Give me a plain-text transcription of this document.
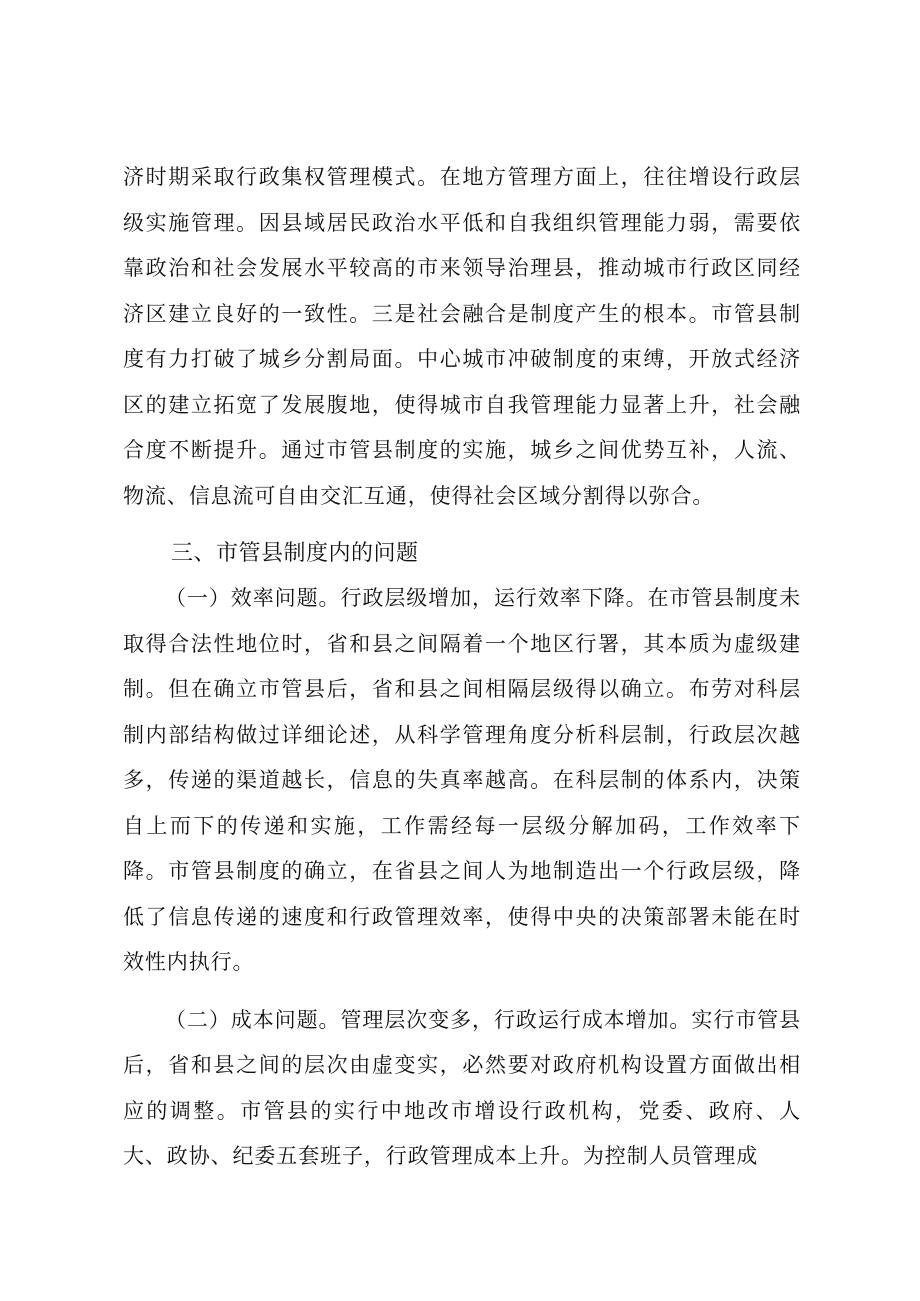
济时期采取行政集权管理模式。在地方管理方面上，往往增设行政层级实施管理。因县域居民政治水平低和自我组织管理能力弱，需要依靠政治和社会发展水平较高的市来领导治理县，推动城市行政区同经济区建立良好的一致性。三是社会融合是制度产生的根本。市管县制度有力打破了城乡分割局面。中心城市冲破制度的束缚，开放式经济区的建立拓宽了发展腹地，使得城市自我管理能力显著上升，社会融合度不断提升。通过市管县制度的实施，城乡之间优势互补，人流、物流、信息流可自由交汇互通，使得社会区域分割得以弥合。

三、市管县制度内的问题

（一）效率问题。行政层级增加，运行效率下降。在市管县制度未取得合法性地位时，省和县之间隔着一个地区行署，其本质为虚级建制。但在确立市管县后，省和县之间相隔层级得以确立。布劳对科层制内部结构做过详细论述，从科学管理角度分析科层制，行政层次越多，传递的渠道越长，信息的失真率越高。在科层制的体系内，决策自上而下的传递和实施，工作需经每一层级分解加码，工作效率下降。市管县制度的确立，在省县之间人为地制造出一个行政层级，降低了信息传递的速度和行政管理效率，使得中央的决策部署未能在时效性内执行。

（二）成本问题。管理层次变多，行政运行成本增加。实行市管县后，省和县之间的层次由虚变实，必然要对政府机构设置方面做出相应的调整。市管县的实行中地改市增设行政机构，党委、政府、人大、政协、纪委五套班子，行政管理成本上升。为控制人员管理成
